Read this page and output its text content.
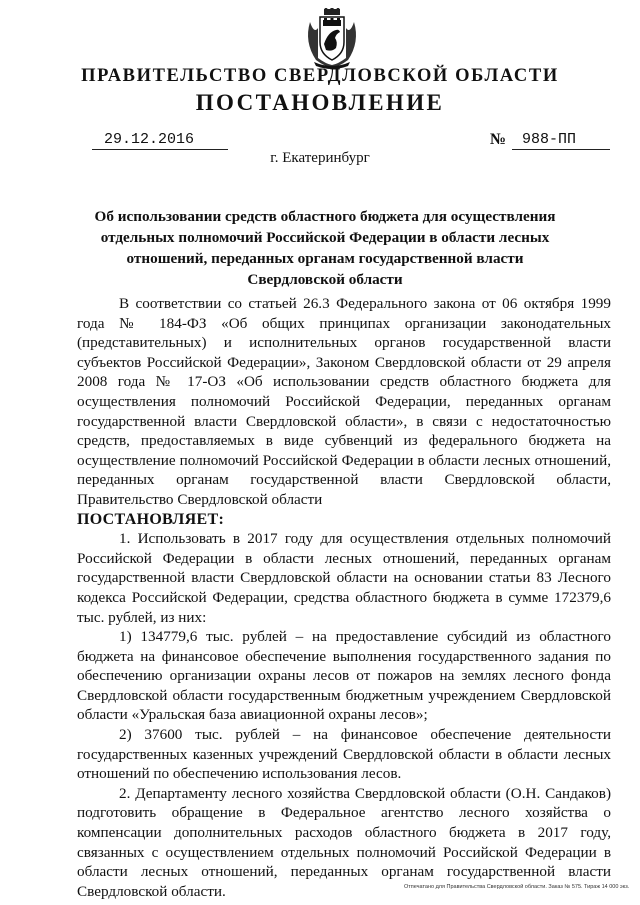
ПРАВИТЕЛЬСТВО СВЕРДЛОВСКОЙ ОБЛАСТИ
ПОСТАНОВЛЕНИЕ
29.12.2016	№	988-ПП
г. Екатеринбург
Об использовании средств областного бюджета для осуществления отдельных полномочий Российской Федерации в области лесных отношений, переданных органам государственной власти Свердловской области

В соответствии со статьей 26.3 Федерального закона от 06 октября 1999 года № 184-ФЗ «Об общих принципах организации законодательных (представительных) и исполнительных органов государственной власти субъектов Российской Федерации», Законом Свердловской области от 29 апреля 2008 года № 17-ОЗ «Об использовании средств областного бюджета для осуществления полномочий Российской Федерации, переданных органам государственной власти Свердловской области», в связи с недостаточностью средств, предоставляемых в виде субвенций из федерального бюджета на осуществление полномочий Российской Федерации в области лесных отношений, переданных органам государственной власти Свердловской области, Правительство Свердловской области

ПОСТАНОВЛЯЕТ:

1. Использовать в 2017 году для осуществления отдельных полномочий Российской Федерации в области лесных отношений, переданных органам государственной власти Свердловской области на основании статьи 83 Лесного кодекса Российской Федерации, средства областного бюджета в сумме 172379,6 тыс. рублей, из них:

1) 134779,6 тыс. рублей – на предоставление субсидий из областного бюджета на финансовое обеспечение выполнения государственного задания по обеспечению организации охраны лесов от пожаров на землях лесного фонда Свердловской области государственным бюджетным учреждением Свердловской области «Уральская база авиационной охраны лесов»;

2) 37600 тыс. рублей – на финансовое обеспечение деятельности государственных казенных учреждений Свердловской области в области лесных отношений по обеспечению использования лесов.

2. Департаменту лесного хозяйства Свердловской области (О.Н. Сандаков) подготовить обращение в Федеральное агентство лесного хозяйства о компенсации дополнительных расходов областного бюджета в 2017 году, связанных с осуществлением отдельных полномочий Российской Федерации в области лесных отношений, переданных органам государственной власти Свердловской области.	Отпечатано для Правительства Свердловской области. Заказ № 575. Тираж 14 000 экз.
